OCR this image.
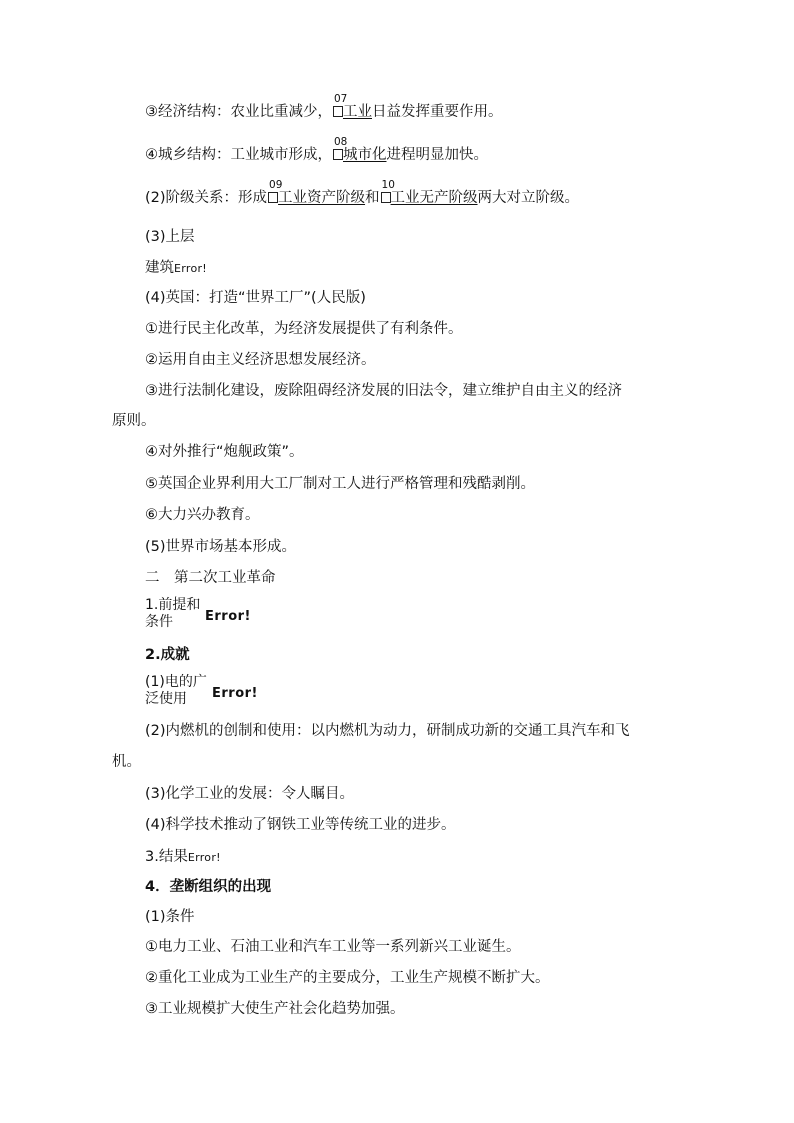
③经济结构：农业比重减少，
07
工业日益发挥重要作用。
④城乡结构：工业城市形成，
08
城市化进程明显加快。
(2)阶级关系：形成
09
工业资产阶级和
10
工业无产阶级两大对立阶级。
(3)上层
建筑Error!
(4)英国：打造“世界工厂”(人民版)
①进行民主化改革，为经济发展提供了有利条件。
②运用自由主义经济思想发展经济。
③进行法制化建设，废除阻碍经济发展的旧法令，建立维护自由主义的经济
原则。
④对外推行“炮舰政策”。
⑤英国企业界利用大工厂制对工人进行严格管理和残酷剥削。
⑥大力兴办教育。
(5)世界市场基本形成。
二　第二次工业革命
1.前提和
条件 Error!
2.成就
(1)电的广
泛使用 Error!
(2)内燃机的创制和使用：以内燃机为动力，研制成功新的交通工具汽车和飞
机。
(3)化学工业的发展：令人瞩目。
(4)科学技术推动了钢铁工业等传统工业的进步。
3.结果Error!
4．垄断组织的出现
(1)条件
①电力工业、石油工业和汽车工业等一系列新兴工业诞生。
②重化工业成为工业生产的主要成分，工业生产规模不断扩大。
③工业规模扩大使生产社会化趋势加强。
